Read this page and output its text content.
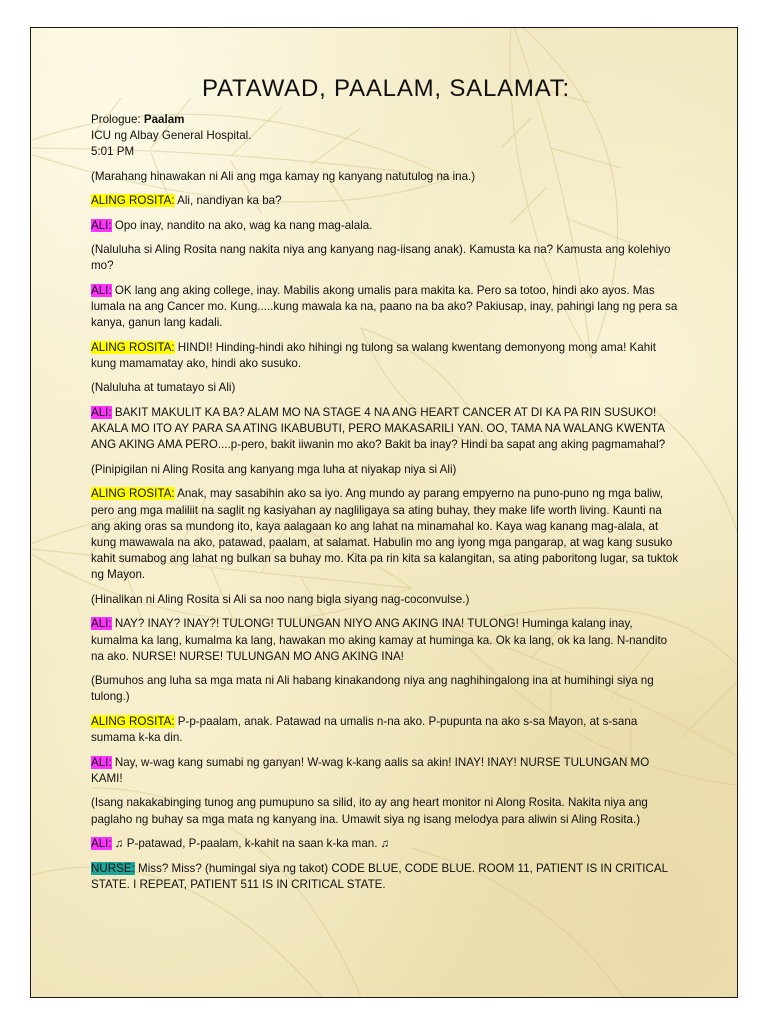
PATAWAD, PAALAM, SALAMAT:
Prologue: Paalam
ICU ng Albay General Hospital.
5:01 PM

(Marahang hinawakan ni Ali ang mga kamay ng kanyang natutulog na ina.)

ALING ROSITA: Ali, nandiyan ka ba?

ALI: Opo inay, nandito na ako, wag ka nang mag-alala.

(Naluluha si Aling Rosita nang nakita niya ang kanyang nag-iisang anak). Kamusta ka na? Kamusta ang kolehiyo mo?

ALI: OK lang ang aking college, inay. Mabilis akong umalis para makita ka. Pero sa totoo, hindi ako ayos. Mas lumala na ang Cancer mo. Kung.....kung mawala ka na, paano na ba ako? Pakiusap, inay, pahingi lang ng pera sa kanya, ganun lang kadali.

ALING ROSITA: HINDI! Hinding-hindi ako hihingi ng tulong sa walang kwentang demonyong mong ama! Kahit kung mamamatay ako, hindi ako susuko.

(Naluluha at tumatayo si Ali)

ALI: BAKIT MAKULIT KA BA? ALAM MO NA STAGE 4 NA ANG HEART CANCER AT DI KA PA RIN SUSUKO! AKALA MO ITO AY PARA SA ATING IKABUBUTI, PERO MAKASARILI YAN. OO, TAMA NA WALANG KWENTA ANG AKING AMA PERO....p-pero, bakit iiwanin mo ako? Bakit ba inay? Hindi ba sapat ang aking pagmamahal?

(Pinipigilan ni Aling Rosita ang kanyang mga luha at niyakap niya si Ali)

ALING ROSITA: Anak, may sasabihin ako sa iyo. Ang mundo ay parang empyerno na puno-puno ng mga baliw, pero ang mga maliliit na saglit ng kasiyahan ay nagliligaya sa ating buhay, they make life worth living. Kaunti na ang aking oras sa mundong ito, kaya aalagaan ko ang lahat na minamahal ko. Kaya wag kanang mag-alala, at kung mawawala na ako, patawad, paalam, at salamat. Habulin mo ang iyong mga pangarap, at wag kang susuko kahit sumabog ang lahat ng bulkan sa buhay mo. Kita pa rin kita sa kalangitan, sa ating paboritong lugar, sa tuktok ng Mayon.

(Hinalikan ni Aling Rosita si Ali sa noo nang bigla siyang nag-coconvulse.)

ALI: NAY? INAY? INAY?! TULONG! TULUNGAN NIYO ANG AKING INA! TULONG! Huminga kalang inay, kumalma ka lang, kumalma ka lang, hawakan mo aking kamay at huminga ka. Ok ka lang, ok ka lang. N-nandito na ako. NURSE! NURSE! TULUNGAN MO ANG AKING INA!

(Bumuhos ang luha sa mga mata ni Ali habang kinakandong niya ang naghihingalong ina at humihingi siya ng tulong.)

ALING ROSITA: P-p-paalam, anak. Patawad na umalis n-na ako. P-pupunta na ako s-sa Mayon, at s-sana sumama k-ka din.

ALI: Nay, w-wag kang sumabi ng ganyan! W-wag k-kang aalis sa akin! INAY! INAY! NURSE TULUNGAN MO KAMI!

(Isang nakakabinging tunog ang pumupuno sa silid, ito ay ang heart monitor ni Along Rosita. Nakita niya ang paglaho ng buhay sa mga mata ng kanyang ina. Umawit siya ng isang melodya para aliwin si Aling Rosita.)

ALI: ♫ P-patawad, P-paalam, k-kahit na saan k-ka man. ♫

NURSE: Miss? Miss? (humingal siya ng takot) CODE BLUE, CODE BLUE. ROOM 11, PATIENT IS IN CRITICAL STATE. I REPEAT, PATIENT 511 IS IN CRITICAL STATE.
